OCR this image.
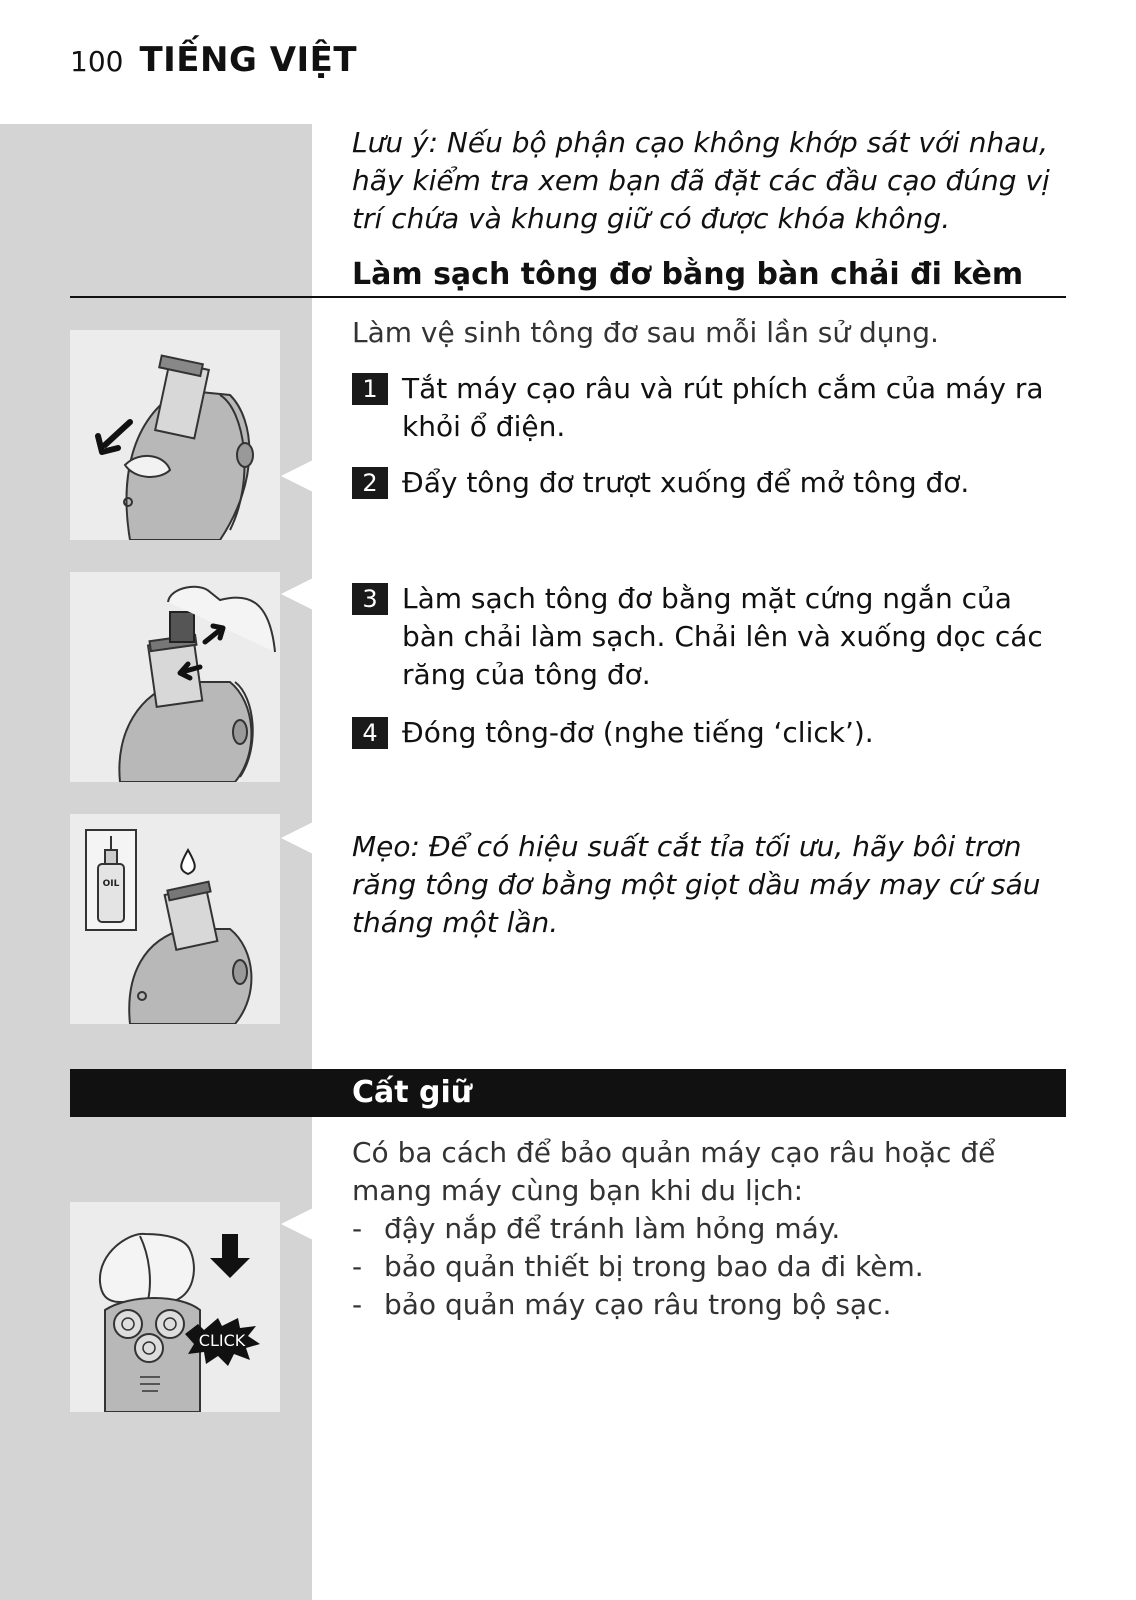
100 TIẾNG VIỆT
Lưu ý: Nếu bộ phận cạo không khớp sát với nhau, hãy kiểm tra xem bạn đã đặt các đầu cạo đúng vị trí chứa và khung giữ có được khóa không.
Làm sạch tông đơ bằng bàn chải đi kèm
Làm vệ sinh tông đơ sau mỗi lần sử dụng.
1 Tắt máy cạo râu và rút phích cắm của máy ra khỏi ổ điện.
2 Đẩy tông đơ trượt xuống để mở tông đơ.
3 Làm sạch tông đơ bằng mặt cứng ngắn của bàn chải làm sạch. Chải lên và xuống dọc các răng của tông đơ.
4 Đóng tông-đơ (nghe tiếng ‘click’).
Mẹo: Để có hiệu suất cắt tỉa tối ưu, hãy bôi trơn răng tông đơ bằng một giọt dầu máy may cứ sáu tháng một lần.
Cất giữ
Có ba cách để bảo quản máy cạo râu hoặc để mang máy cùng bạn khi du lịch:
- đậy nắp để tránh làm hỏng máy.
- bảo quản thiết bị trong bao da đi kèm.
- bảo quản máy cạo râu trong bộ sạc.
OIL
CLICK
